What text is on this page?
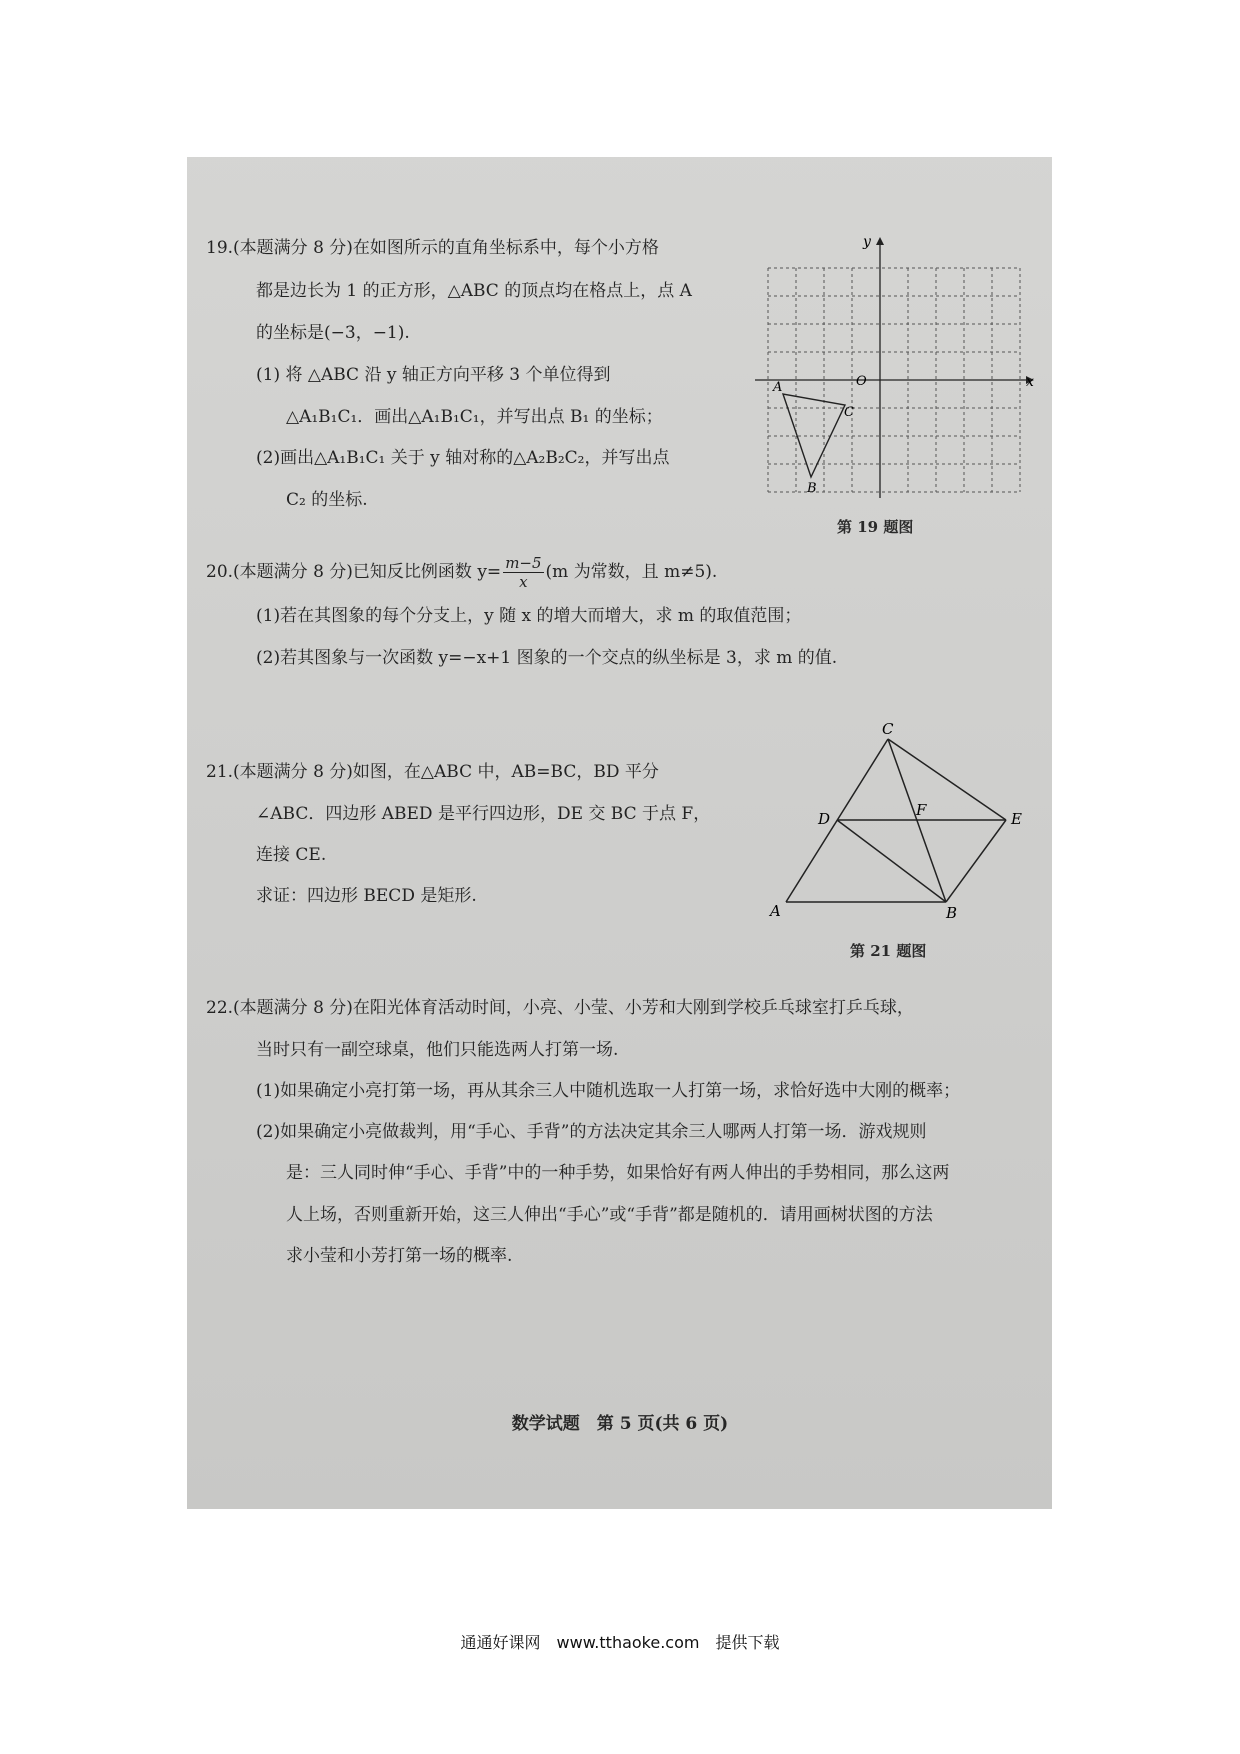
19.(本题满分 8 分)在如图所示的直角坐标系中，每个小方格
都是边长为 1 的正方形，△ABC 的顶点均在格点上，点 A
的坐标是(−3，−1).
(1) 将 △ABC 沿 y 轴正方向平移 3 个单位得到
△A₁B₁C₁．画出△A₁B₁C₁，并写出点 B₁ 的坐标；
(2)画出△A₁B₁C₁ 关于 y 轴对称的△A₂B₂C₂，并写出点
C₂ 的坐标.
x
y
O
A
B
C
第 19 题图
20.(本题满分 8 分)已知反比例函数 $y= \frac{m-5}{x} (m$ 为常数，且 m≠5).
(1)若在其图象的每个分支上，y 随 x 的增大而增大，求 m 的取值范围；
(2)若其图象与一次函数 y=−x+1 图象的一个交点的纵坐标是 3，求 m 的值.
21.(本题满分 8 分)如图，在△ABC 中，AB=BC，BD 平分
∠ABC．四边形 ABED 是平行四边形，DE 交 BC 于点 F，
连接 CE.
求证：四边形 BECD 是矩形.
C
D	F	E
A	B
第 21 题图
22.(本题满分 8 分)在阳光体育活动时间，小亮、小莹、小芳和大刚到学校乒乓球室打乒乓球，
当时只有一副空球桌，他们只能选两人打第一场.
(1)如果确定小亮打第一场，再从其余三人中随机选取一人打第一场，求恰好选中大刚的概率；
(2)如果确定小亮做裁判，用“手心、手背”的方法决定其余三人哪两人打第一场．游戏规则
是：三人同时伸“手心、手背”中的一种手势，如果恰好有两人伸出的手势相同，那么这两
人上场，否则重新开始，这三人伸出“手心”或“手背”都是随机的．请用画树状图的方法
求小莹和小芳打第一场的概率.
数学试题　第 5 页(共 6 页)
通通好课网　www.tthaoke.com　提供下载
